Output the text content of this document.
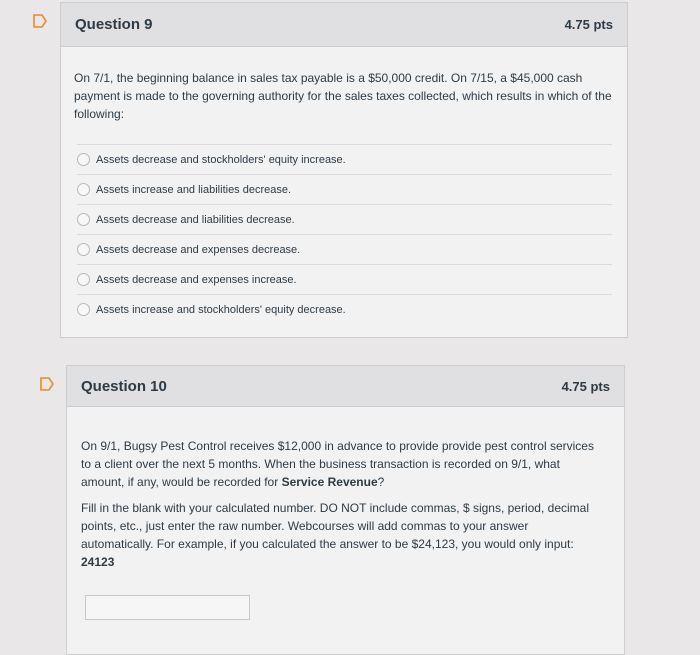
Question 9	4.75 pts
On 7/1, the beginning balance in sales tax payable is a $50,000 credit. On 7/15, a $45,000 cash payment is made to the governing authority for the sales taxes collected, which results in which of the following:
Assets decrease and stockholders' equity increase.
Assets increase and liabilities decrease.
Assets decrease and liabilities decrease.
Assets decrease and expenses decrease.
Assets decrease and expenses increase.
Assets increase and stockholders' equity decrease.
Question 10	4.75 pts
On 9/1, Bugsy Pest Control receives $12,000 in advance to provide provide pest control services to a client over the next 5 months. When the business transaction is recorded on 9/1, what amount, if any, would be recorded for Service Revenue?
Fill in the blank with your calculated number. DO NOT include commas, $ signs, period, decimal points, etc., just enter the raw number. Webcourses will add commas to your answer automatically. For example, if you calculated the answer to be $24,123, you would only input: 24123
